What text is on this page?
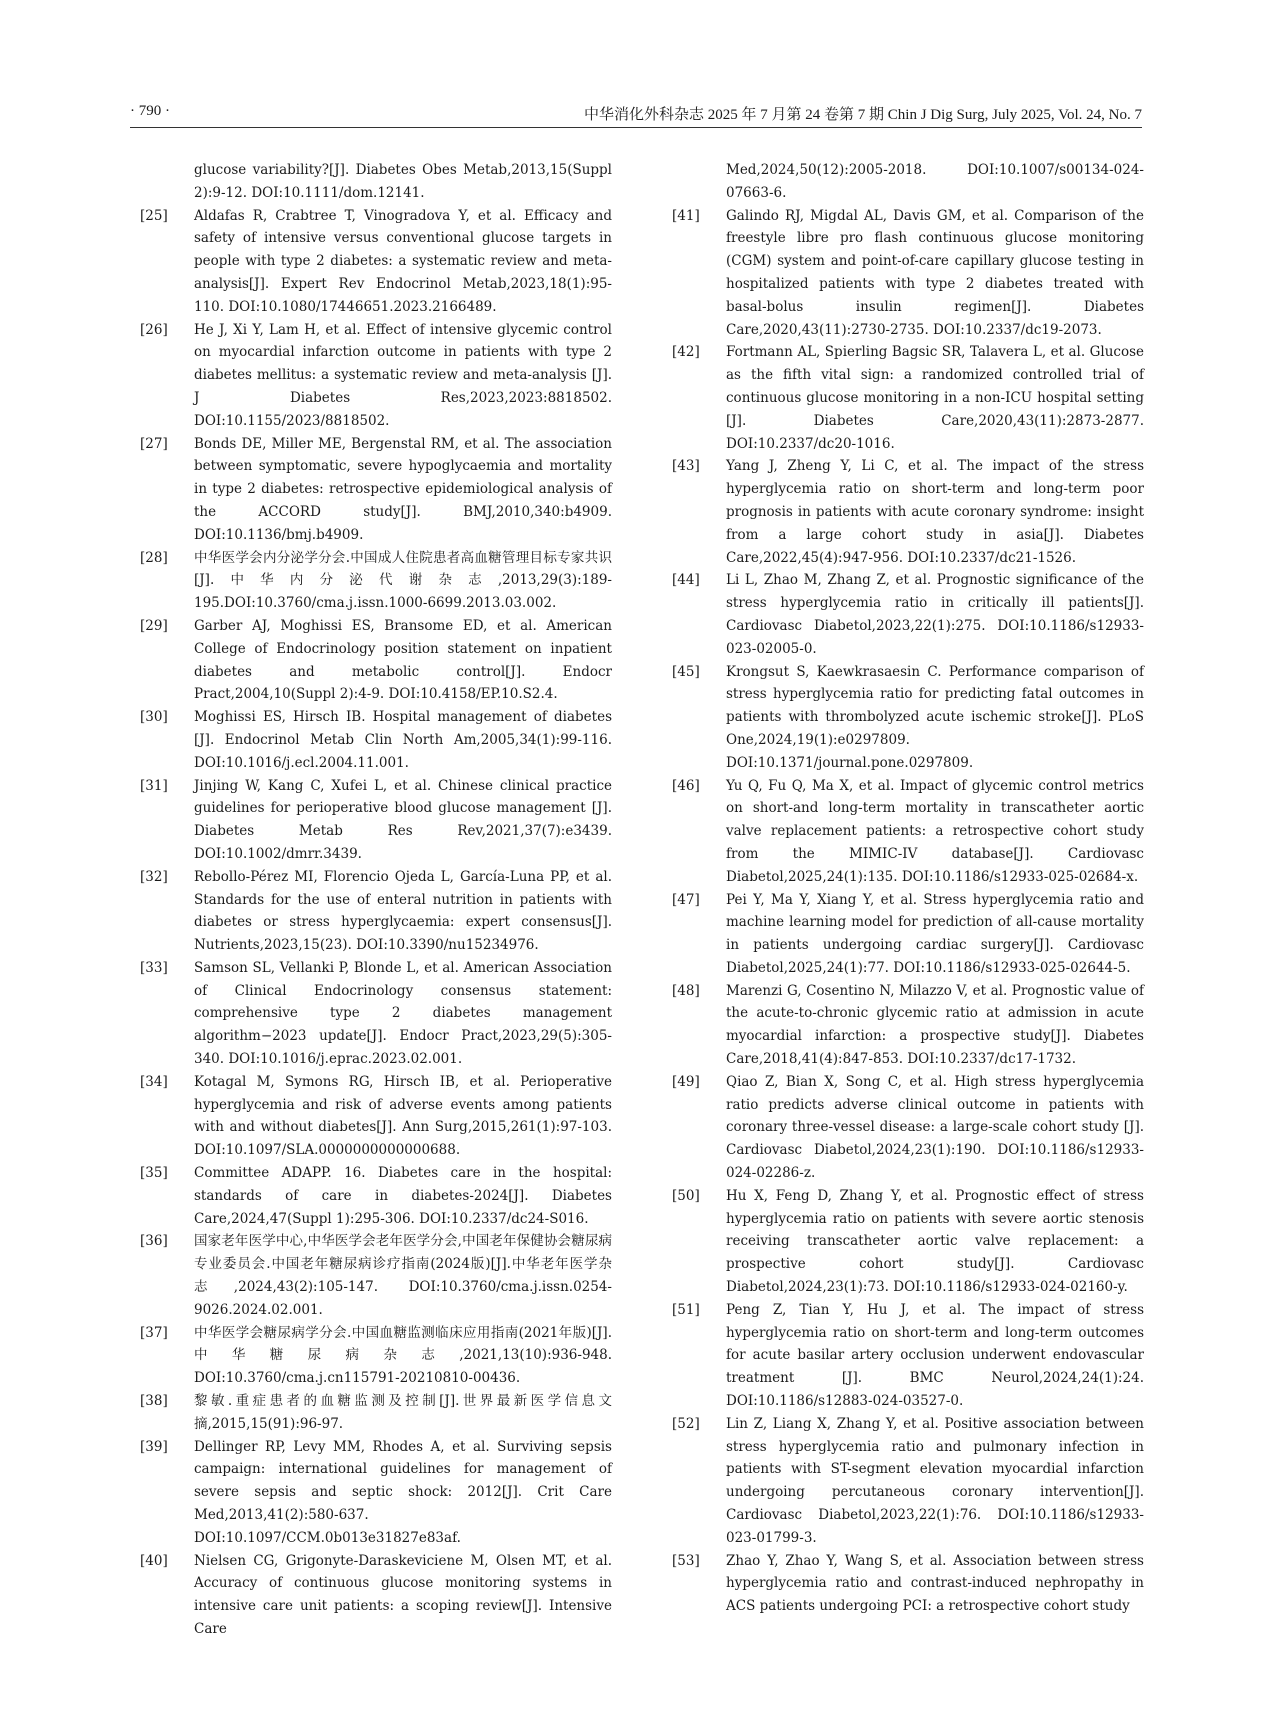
· 790 ·	中华消化外科杂志 2025 年 7 月第 24 卷第 7 期 Chin J Dig Surg, July 2025, Vol. 24, No. 7
glucose variability?[J]. Diabetes Obes Metab,2013,15(Suppl 2):9-12. DOI:10.1111/dom.12141.
[25] Aldafas R, Crabtree T, Vinogradova Y, et al. Efficacy and safety of intensive versus conventional glucose targets in people with type 2 diabetes: a systematic review and meta-analysis[J]. Expert Rev Endocrinol Metab,2023,18(1):95-110. DOI:10.1080/17446651.2023.2166489.
[26] He J, Xi Y, Lam H, et al. Effect of intensive glycemic control on myocardial infarction outcome in patients with type 2 diabetes mellitus: a systematic review and meta-analysis [J]. J Diabetes Res,2023,2023:8818502. DOI:10.1155/2023/8818502.
[27] Bonds DE, Miller ME, Bergenstal RM, et al. The association between symptomatic, severe hypoglycaemia and mortality in type 2 diabetes: retrospective epidemiological analysis of the ACCORD study[J]. BMJ,2010,340:b4909. DOI:10.1136/bmj.b4909.
[28] 中华医学会内分泌学分会.中国成人住院患者高血糖管理目标专家共识[J].中华内分泌代谢杂志,2013,29(3):189-195.DOI:10.3760/cma.j.issn.1000-6699.2013.03.002.
[29] Garber AJ, Moghissi ES, Bransome ED, et al. American College of Endocrinology position statement on inpatient diabetes and metabolic control[J]. Endocr Pract,2004,10(Suppl 2):4-9. DOI:10.4158/EP.10.S2.4.
[30] Moghissi ES, Hirsch IB. Hospital management of diabetes [J]. Endocrinol Metab Clin North Am,2005,34(1):99-116. DOI:10.1016/j.ecl.2004.11.001.
[31] Jinjing W, Kang C, Xufei L, et al. Chinese clinical practice guidelines for perioperative blood glucose management [J]. Diabetes Metab Res Rev,2021,37(7):e3439. DOI:10.1002/dmrr.3439.
[32] Rebollo-Pérez MI, Florencio Ojeda L, García-Luna PP, et al. Standards for the use of enteral nutrition in patients with diabetes or stress hyperglycaemia: expert consensus[J]. Nutrients,2023,15(23). DOI:10.3390/nu15234976.
[33] Samson SL, Vellanki P, Blonde L, et al. American Association of Clinical Endocrinology consensus statement: comprehensive type 2 diabetes management algorithm−2023 update[J]. Endocr Pract,2023,29(5):305-340. DOI:10.1016/j.eprac.2023.02.001.
[34] Kotagal M, Symons RG, Hirsch IB, et al. Perioperative hyperglycemia and risk of adverse events among patients with and without diabetes[J]. Ann Surg,2015,261(1):97-103. DOI:10.1097/SLA.0000000000000688.
[35] Committee ADAPP. 16. Diabetes care in the hospital: standards of care in diabetes-2024[J]. Diabetes Care,2024,47(Suppl 1):295-306. DOI:10.2337/dc24-S016.
[36] 国家老年医学中心,中华医学会老年医学分会,中国老年保健协会糖尿病专业委员会.中国老年糖尿病诊疗指南(2024版)[J].中华老年医学杂志,2024,43(2):105-147. DOI:10.3760/cma.j.issn.0254-9026.2024.02.001.
[37] 中华医学会糖尿病学分会.中国血糖监测临床应用指南(2021年版)[J].中华糖尿病杂志,2021,13(10):936-948. DOI:10.3760/cma.j.cn115791-20210810-00436.
[38] 黎敏.重症患者的血糖监测及控制[J].世界最新医学信息文摘,2015,15(91):96-97.
[39] Dellinger RP, Levy MM, Rhodes A, et al. Surviving sepsis campaign: international guidelines for management of severe sepsis and septic shock: 2012[J]. Crit Care Med,2013,41(2):580-637. DOI:10.1097/CCM.0b013e31827e83af.
[40] Nielsen CG, Grigonyte-Daraskeviciene M, Olsen MT, et al. Accuracy of continuous glucose monitoring systems in intensive care unit patients: a scoping review[J]. Intensive Care
Med,2024,50(12):2005-2018. DOI:10.1007/s00134-024-07663-6.
[41] Galindo RJ, Migdal AL, Davis GM, et al. Comparison of the freestyle libre pro flash continuous glucose monitoring (CGM) system and point-of-care capillary glucose testing in hospitalized patients with type 2 diabetes treated with basal-bolus insulin regimen[J]. Diabetes Care,2020,43(11):2730-2735. DOI:10.2337/dc19-2073.
[42] Fortmann AL, Spierling Bagsic SR, Talavera L, et al. Glucose as the fifth vital sign: a randomized controlled trial of continuous glucose monitoring in a non-ICU hospital setting [J]. Diabetes Care,2020,43(11):2873-2877. DOI:10.2337/dc20-1016.
[43] Yang J, Zheng Y, Li C, et al. The impact of the stress hyperglycemia ratio on short-term and long-term poor prognosis in patients with acute coronary syndrome: insight from a large cohort study in asia[J]. Diabetes Care,2022,45(4):947-956. DOI:10.2337/dc21-1526.
[44] Li L, Zhao M, Zhang Z, et al. Prognostic significance of the stress hyperglycemia ratio in critically ill patients[J]. Cardiovasc Diabetol,2023,22(1):275. DOI:10.1186/s12933-023-02005-0.
[45] Krongsut S, Kaewkrasaesin C. Performance comparison of stress hyperglycemia ratio for predicting fatal outcomes in patients with thrombolyzed acute ischemic stroke[J]. PLoS One,2024,19(1):e0297809. DOI:10.1371/journal.pone.0297809.
[46] Yu Q, Fu Q, Ma X, et al. Impact of glycemic control metrics on short-and long-term mortality in transcatheter aortic valve replacement patients: a retrospective cohort study from the MIMIC-IV database[J]. Cardiovasc Diabetol,2025,24(1):135. DOI:10.1186/s12933-025-02684-x.
[47] Pei Y, Ma Y, Xiang Y, et al. Stress hyperglycemia ratio and machine learning model for prediction of all-cause mortality in patients undergoing cardiac surgery[J]. Cardiovasc Diabetol,2025,24(1):77. DOI:10.1186/s12933-025-02644-5.
[48] Marenzi G, Cosentino N, Milazzo V, et al. Prognostic value of the acute-to-chronic glycemic ratio at admission in acute myocardial infarction: a prospective study[J]. Diabetes Care,2018,41(4):847-853. DOI:10.2337/dc17-1732.
[49] Qiao Z, Bian X, Song C, et al. High stress hyperglycemia ratio predicts adverse clinical outcome in patients with coronary three-vessel disease: a large-scale cohort study [J]. Cardiovasc Diabetol,2024,23(1):190. DOI:10.1186/s12933-024-02286-z.
[50] Hu X, Feng D, Zhang Y, et al. Prognostic effect of stress hyperglycemia ratio on patients with severe aortic stenosis receiving transcatheter aortic valve replacement: a prospective cohort study[J]. Cardiovasc Diabetol,2024,23(1):73. DOI:10.1186/s12933-024-02160-y.
[51] Peng Z, Tian Y, Hu J, et al. The impact of stress hyperglycemia ratio on short-term and long-term outcomes for acute basilar artery occlusion underwent endovascular treatment [J]. BMC Neurol,2024,24(1):24. DOI:10.1186/s12883-024-03527-0.
[52] Lin Z, Liang X, Zhang Y, et al. Positive association between stress hyperglycemia ratio and pulmonary infection in patients with ST-segment elevation myocardial infarction undergoing percutaneous coronary intervention[J]. Cardiovasc Diabetol,2023,22(1):76. DOI:10.1186/s12933-023-01799-3.
[53] Zhao Y, Zhao Y, Wang S, et al. Association between stress hyperglycemia ratio and contrast-induced nephropathy in ACS patients undergoing PCI: a retrospective cohort study
